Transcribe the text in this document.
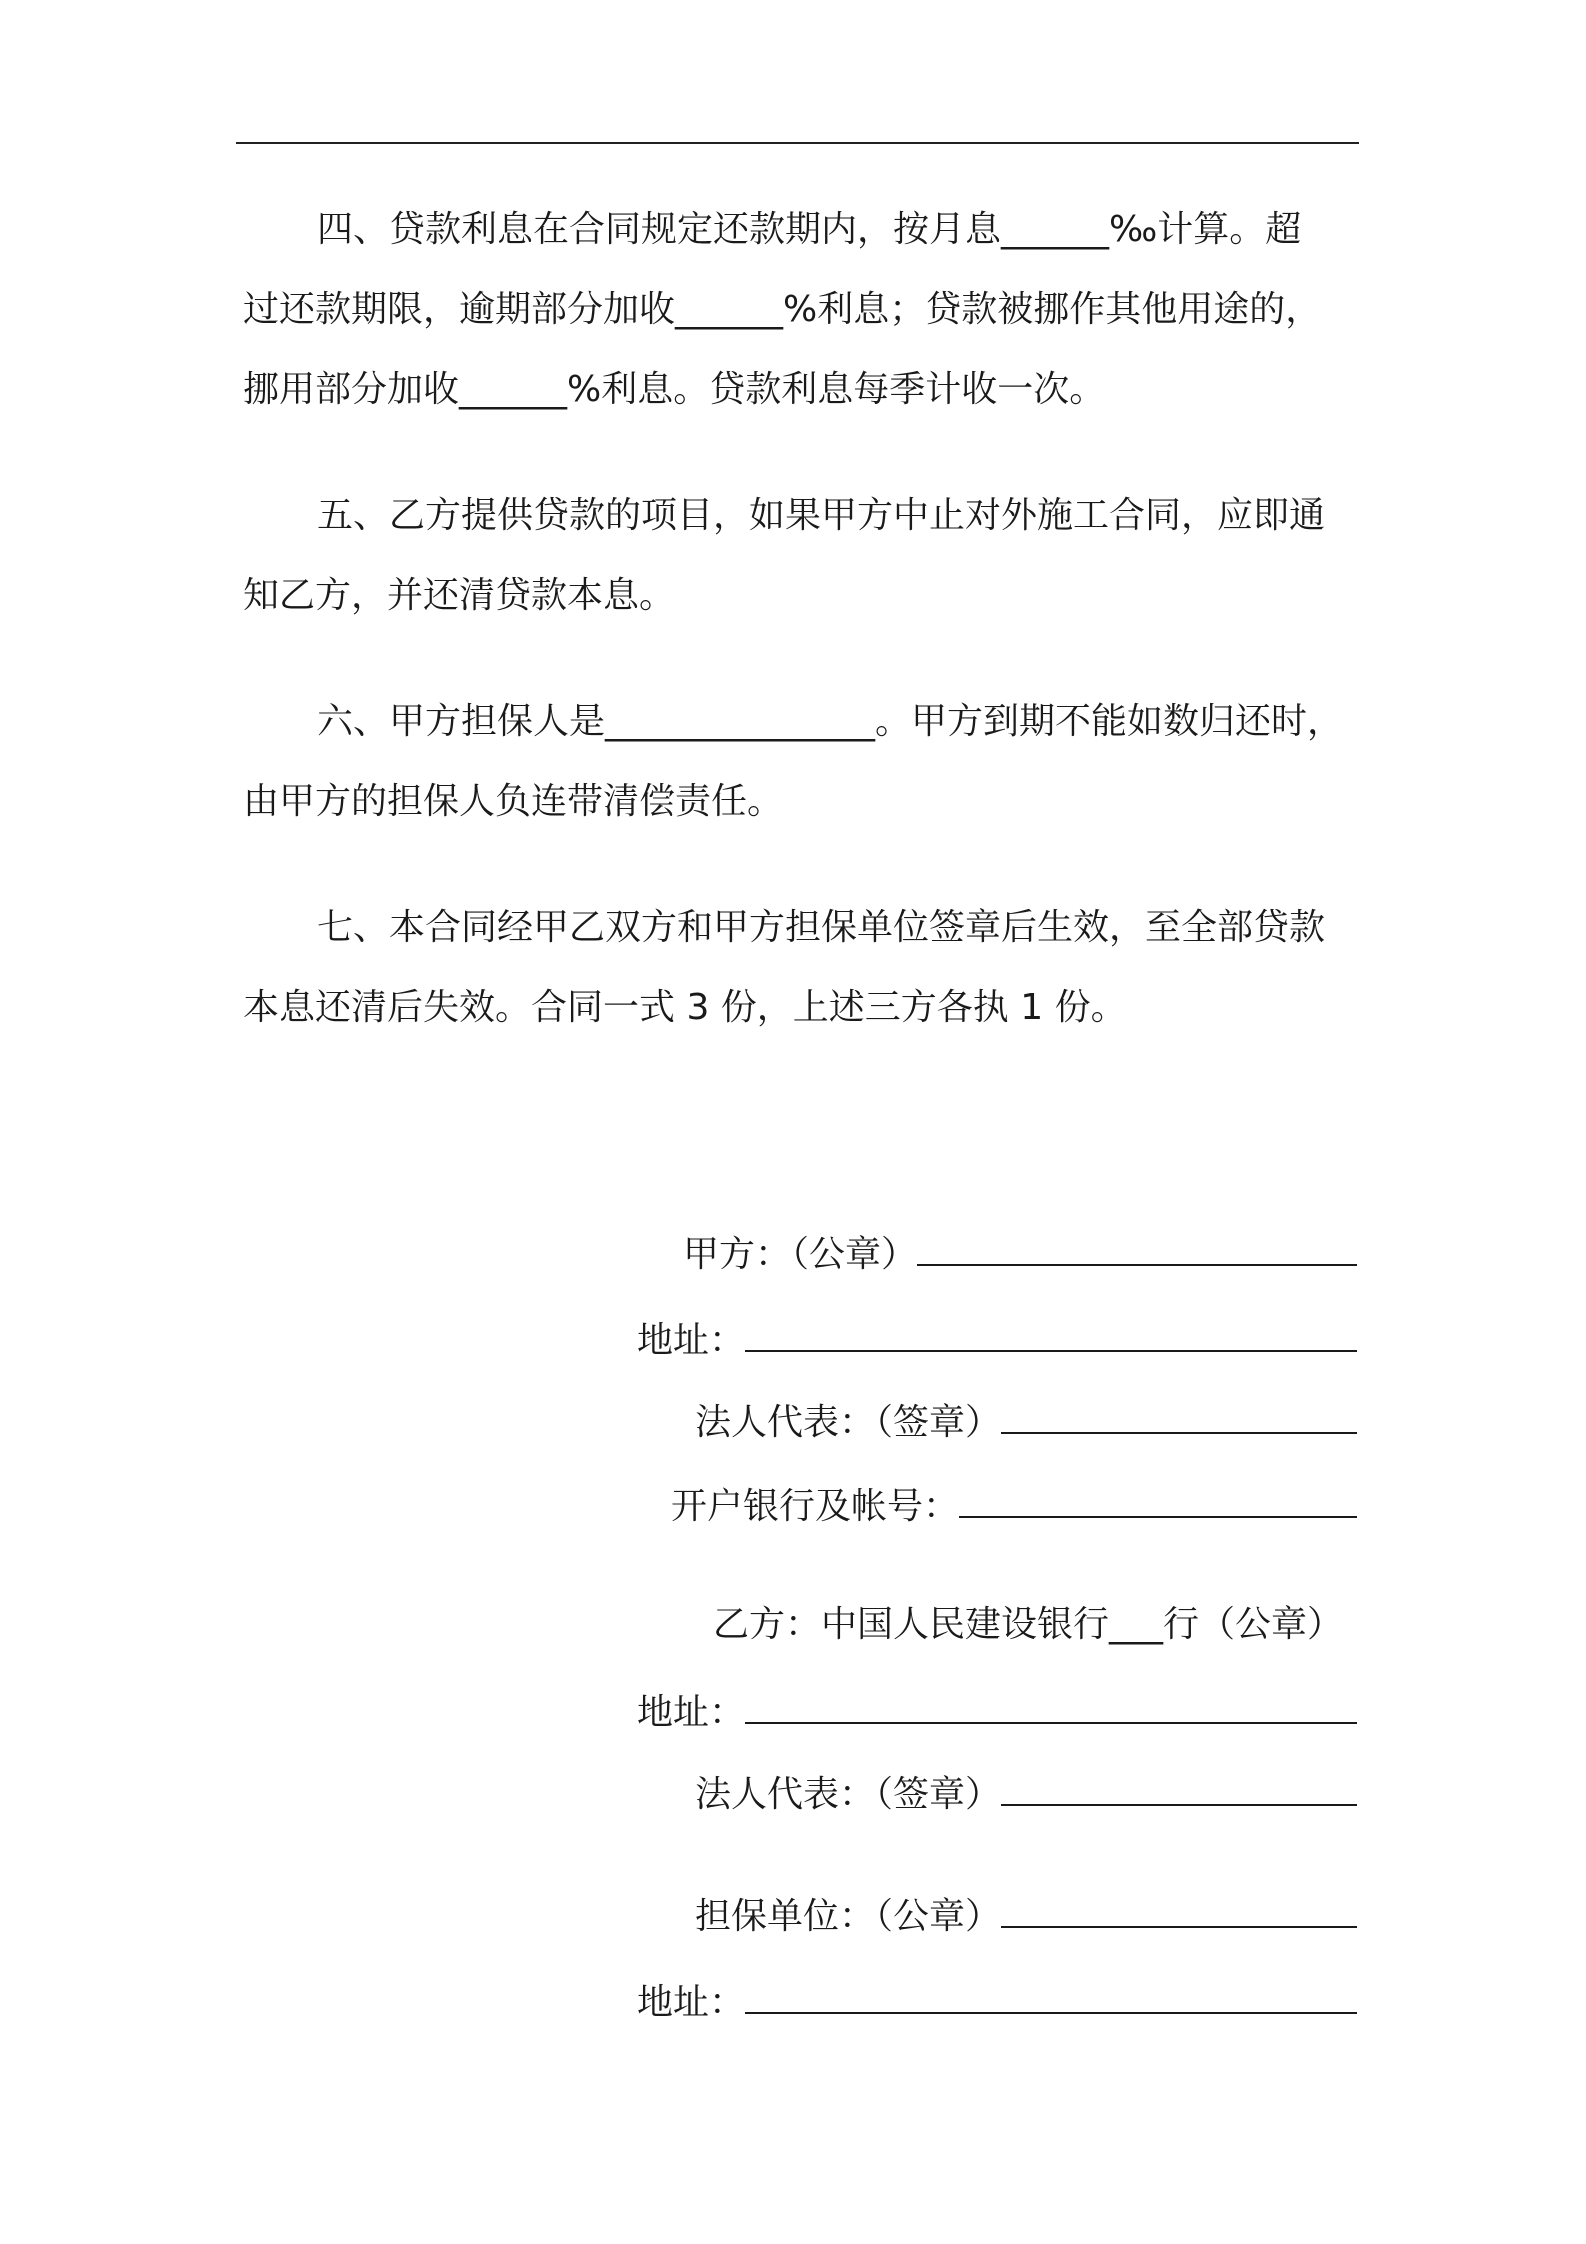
四、贷款利息在合同规定还款期内，按月息______‰计算。超

过还款期限，逾期部分加收______%利息；贷款被挪作其他用途的，

挪用部分加收______%利息。贷款利息每季计收一次。

五、乙方提供贷款的项目，如果甲方中止对外施工合同，应即通

知乙方，并还清贷款本息。

六、甲方担保人是_______________。甲方到期不能如数归还时，

由甲方的担保人负连带清偿责任。

七、本合同经甲乙双方和甲方担保单位签章后生效，至全部贷款

本息还清后失效。合同一式 3 份，上述三方各执 1 份。

甲方：（公章）
地址：
法人代表：（签章）
开户银行及帐号：
乙方：中国人民建设银行___行（公章）
地址：
法人代表：（签章）
担保单位：（公章）
地址：
